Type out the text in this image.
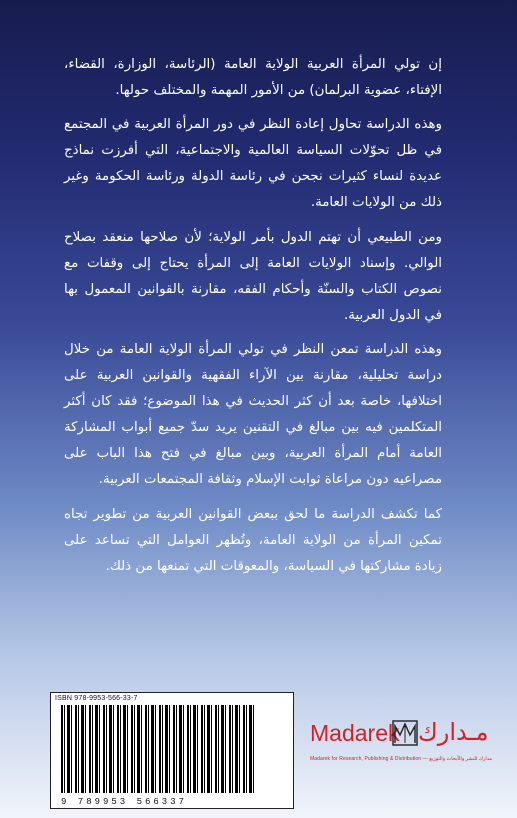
إن تولي المرأة العربية الولاية العامة (الرئاسة، الوزارة، القضاء، الإفتاء، عضوية البرلمان) من الأمور المهمة والمختلف حولها.

وهذه الدراسة تحاول إعادة النظر في دور المرأة العربية في المجتمع في ظل تحوّلات السياسة العالمية والاجتماعية، التي أفرزت نماذج عديدة لنساء كثيرات نجحن في رئاسة الدولة ورئاسة الحكومة وغير ذلك من الولايات العامة.

ومن الطبيعي أن تهتم الدول بأمر الولاية؛ لأن صلاحها منعقد بصلاح الوالي. وإسناد الولايات العامة إلى المرأة يحتاج إلى وقفات مع نصوص الكتاب والسنّة وأحكام الفقه، مقارنة بالقوانين المعمول بها في الدول العربية.

وهذه الدراسة تمعن النظر في تولي المرأة الولاية العامة من خلال دراسة تحليلية، مقارنة بين الآراء الفقهية والقوانين العربية على اختلافها، خاصة بعد أن كثر الحديث في هذا الموضوع؛ فقد كان أكثر المتكلمين فيه بين مبالغ في التقنين يريد سدّ جميع أبواب المشاركة العامة أمام المرأة العربية، وبين مبالغ في فتح هذا الباب على مصراعيه دون مراعاة ثوابت الإسلام وثقافة المجتمعات العربية.

كما تكشف الدراسة ما لحق ببعض القوانين العربية من تطوير تجاه تمكين المرأة من الولاية العامة، وتُظهر العوامل التي تساعد على زيادة مشاركتها في السياسة، والمعوقات التي تمنعها من ذلك.

ISBN 978-9953-566-33-7
9 789953 566337
Madarek مـدارك
Madarek for Research, Publishing & Distribution — مدارك للنشر والأبحاث والتوزيع
